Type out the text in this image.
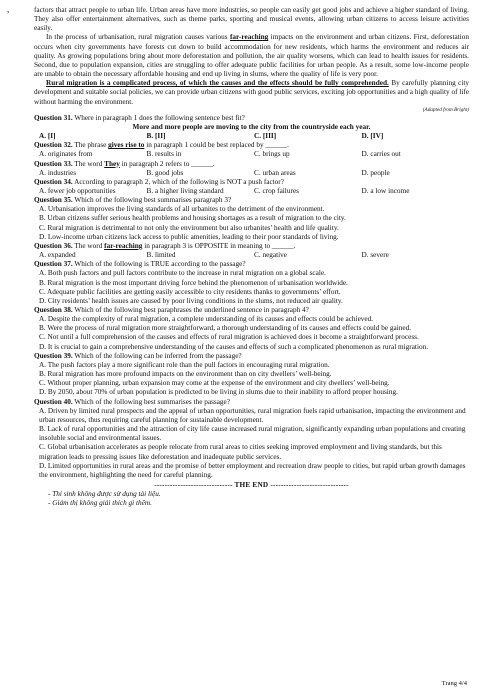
,	factors that attract people to urban life. Urban areas have more industries, so people can easily get good jobs and achieve a higher standard of living. They also offer entertainment alternatives, such as theme parks, sporting and musical events, allowing urban citizens to access leisure activities easily.

In the process of urbanisation, rural migration causes various far-reaching impacts on the environment and urban citizens. First, deforestation occurs when city governments have forests cut down to build accommodation for new residents, which harms the environment and reduces air quality. As growing populations bring about more deforestation and pollution, the air quality worsens, which can lead to health issues for residents. Second, due to population expansion, cities are struggling to offer adequate public facilities for urban people. As a result, some low-income people are unable to obtain the necessary affordable housing and end up living in slums, where the quality of life is very poor.

Rural migration is a complicated process, of which the causes and the effects should be fully comprehended. By carefully planning city development and suitable social policies, we can provide urban citizens with good public services, exciting job opportunities and a high quality of life without harming the environment.

(Adapted from Bright)

Question 31. Where in paragraph 1 does the following sentence best fit?

More and more people are moving to the city from the countryside each year.
A. [I]	B. [II]	C. [III]	D. [IV]

Question 32. The phrase gives rise to in paragraph 1 could be best replaced by ______.

A. originates from	B. results in	C. brings up	D. carries out

Question 33. The word They in paragraph 2 refers to ______.

A. industries	B. good jobs	C. urban areas	D. people

Question 34. According to paragraph 2, which of the following is NOT a push factor?

A. fewer job opportunities	B. a higher living standard	C. crop failures	D. a low income

Question 35. Which of the following best summarises paragraph 3?

A. Urbanisation improves the living standards of all urbanites to the detriment of the environment.
B. Urban citizens suffer serious health problems and housing shortages as a result of migration to the city.
C. Rural migration is detrimental to not only the environment but also urbanites’ health and life quality.
D. Low-income urban citizens lack access to public amenities, leading to their poor standards of living.

Question 36. The word far-reaching in paragraph 3 is OPPOSITE in meaning to ______.

A. expanded	B. limited	C. negative	D. severe

Question 37. Which of the following is TRUE according to the passage?

A. Both push factors and pull factors contribute to the increase in rural migration on a global scale.
B. Rural migration is the most important driving force behind the phenomenon of urbanisation worldwide.
C. Adequate public facilities are getting easily accessible to city residents thanks to governments’ effort.
D. City residents’ health issues are caused by poor living conditions in the slums, not reduced air quality.

Question 38. Which of the following best paraphrases the underlined sentence in paragraph 4?

A. Despite the complexity of rural migration, a complete understanding of its causes and effects could be achieved.
B. Were the process of rural migration more straightforward, a thorough understanding of its causes and effects could be gained.
C. Not until a full comprehension of the causes and effects of rural migration is achieved does it become a straightforward process.
D. It is crucial to gain a comprehensive understanding of the causes and effects of such a complicated phenomenon as rural migration.

Question 39. Which of the following can be inferred from the passage?

A. The push factors play a more significant role than the pull factors in encouraging rural migration.
B. Rural migration has more profound impacts on the environment than on city dwellers’ well-being.
C. Without proper planning, urban expansion may come at the expense of the environment and city dwellers’ well-being.
D. By 2050, about 70% of urban population is predicted to be living in slums due to their inability to afford proper housing.

Question 40. Which of the following best summarises the passage?

A. Driven by limited rural prospects and the appeal of urban opportunities, rural migration fuels rapid urbanisation, impacting the environment and urban resources, thus requiring careful planning for sustainable development.
B. Lack of rural opportunities and the attraction of city life cause increased rural migration, significantly expanding urban populations and creating insoluble social and environmental issues.
C. Global urbanisation accelerates as people relocate from rural areas to cities seeking improved employment and living standards, but this migration leads to pressing issues like deforestation and inadequate public services.
D. Limited opportunities in rural areas and the promise of better employment and recreation draw people to cities, but rapid urban growth damages the environment, highlighting the need for careful planning.
------------------------------ THE END ------------------------------
- Thí sinh không được sử dụng tài liệu.
- Giám thị không giải thích gì thêm.
Trang 4/4
